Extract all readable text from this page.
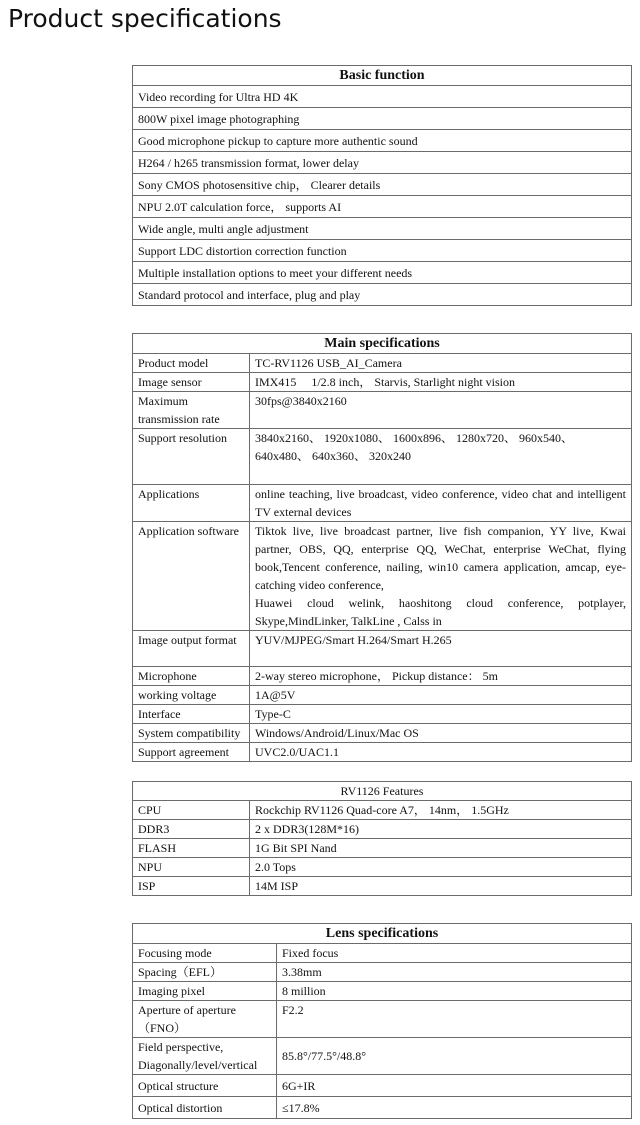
Product specifications
Basic function
Video recording for Ultra HD 4K
800W pixel image photographing
Good microphone pickup to capture more authentic sound
H264 / h265 transmission format, lower delay
Sony CMOS photosensitive chip， Clearer details
NPU 2.0T calculation force， supports AI
Wide angle, multi angle adjustment
Support LDC distortion correction function
Multiple installation options to meet your different needs
Standard protocol and interface, plug and play
Main specifications	
Product model	TC-RV1126 USB_AI_Camera
Image sensor	IMX415　 1/2.8 inch， Starvis, Starlight night vision
Maximum transmission rate	30fps@3840x2160
Support resolution	3840x2160、 1920x1080、 1600x896、 1280x720、 960x540、 640x480、 640x360、 320x240
Applications	online teaching, live broadcast, video conference, video chat and intelligent TV external devices
Application software	Tiktok live, live broadcast partner, live fish companion, YY live, Kwai partner, OBS, QQ, enterprise QQ, WeChat, enterprise WeChat, flying book,Tencent conference, nailing, win10 camera application, amcap, eye-catching video conference,
Huawei cloud welink, haoshitong cloud conference, potplayer, Skype,MindLinker, TalkLine , Calss in

Image output format	YUV/MJPEG/Smart H.264/Smart H.265
Microphone	2-way stereo microphone， Pickup distance： 5m
working voltage	1A@5V
Interface	Type-C
System compatibility	Windows/Android/Linux/Mac OS
Support agreement	UVC2.0/UAC1.1
RV1126 Features	
CPU	Rockchip RV1126 Quad-core A7， 14nm， 1.5GHz
DDR3	2 x DDR3(128M*16)
FLASH	1G Bit SPI Nand
NPU	2.0 Tops
ISP	14M ISP
Lens specifications	
Focusing mode	Fixed focus
Spacing（EFL）	3.38mm
Imaging pixel	8 million
Aperture of aperture（FNO）	F2.2
Field perspective, Diagonally/level/vertical	85.8°/77.5°/48.8°
Optical structure	6G+IR
Optical distortion	≤17.8%
